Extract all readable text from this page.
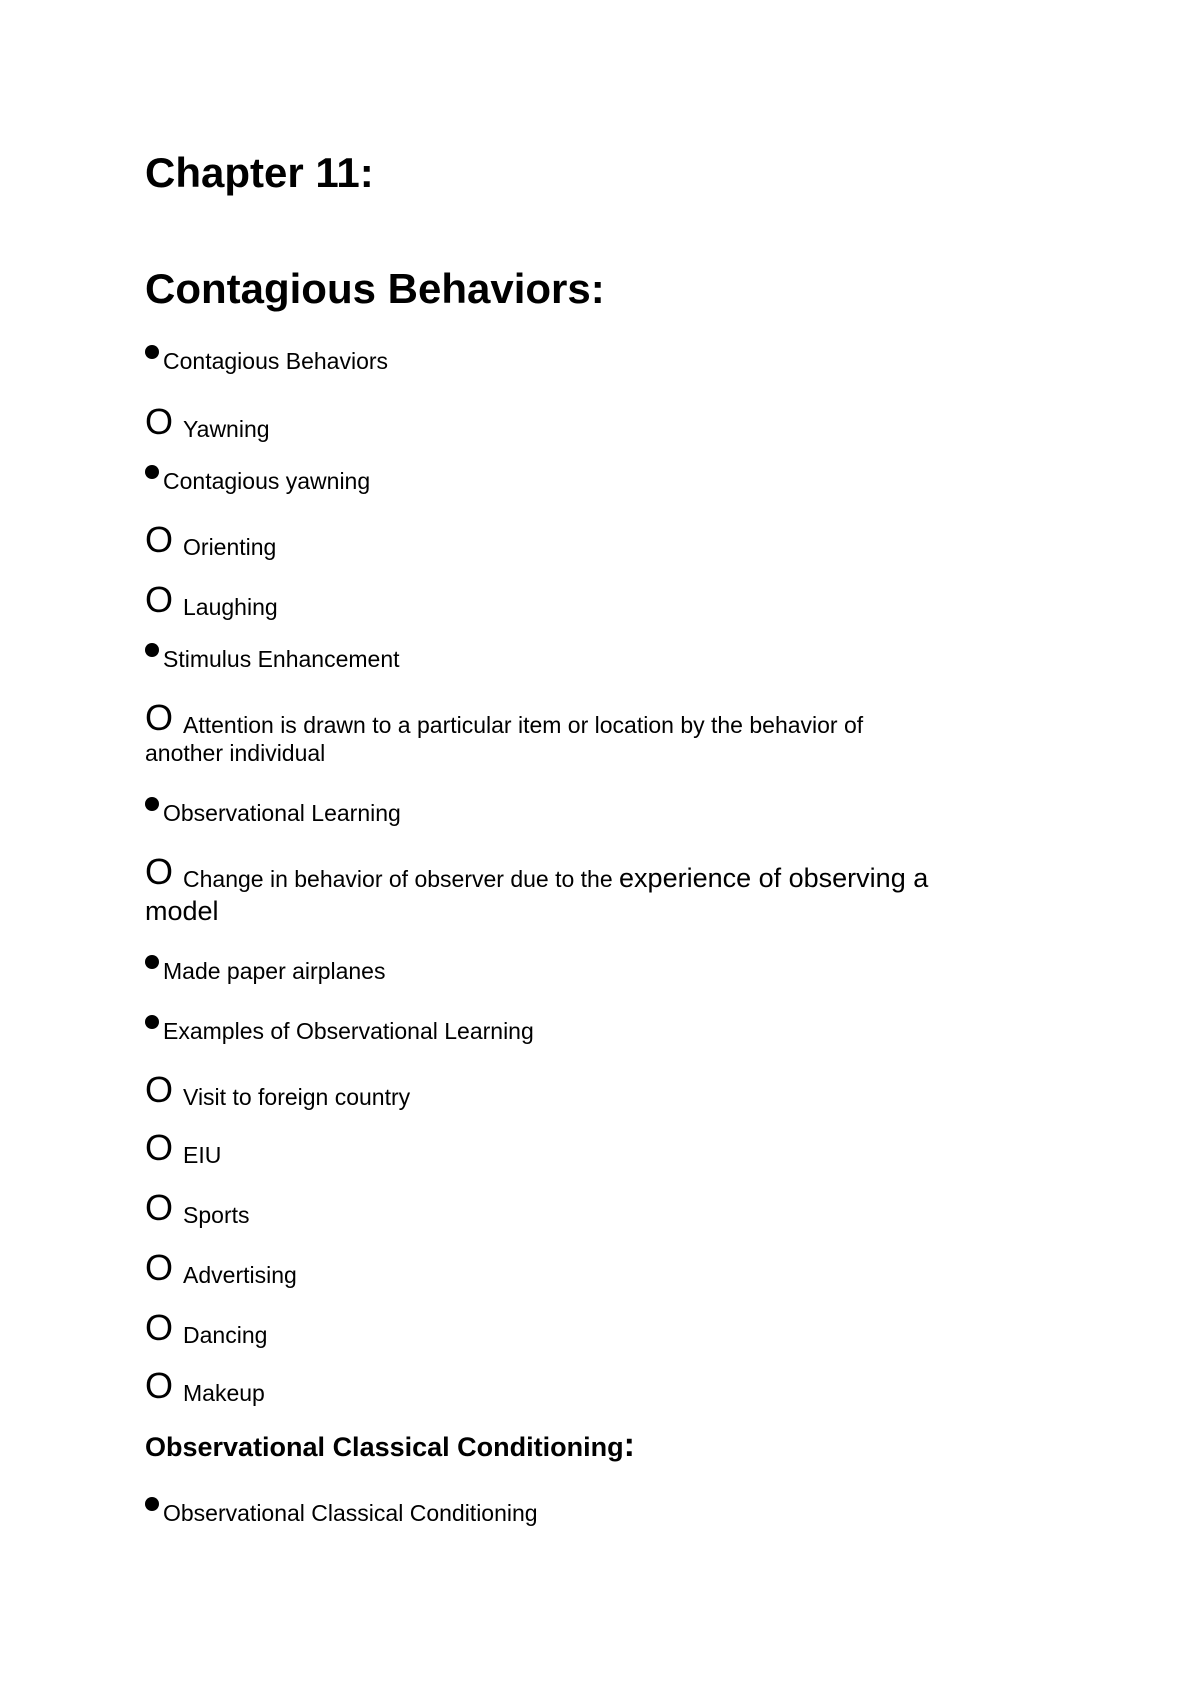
Chapter 11:
Contagious Behaviors:
Contagious Behaviors
O Yawning
Contagious yawning
O Orienting
O Laughing
Stimulus Enhancement
O Attention is drawn to a particular item or location by the behavior of
another individual
Observational Learning
O Change in behavior of observer due to the experience of observing a
model
Made paper airplanes
Examples of Observational Learning
O Visit to foreign country
OEIU
O Sports
O Advertising
O Dancing
O Makeup
Observational Classical Conditioning:
Observational Classical Conditioning
